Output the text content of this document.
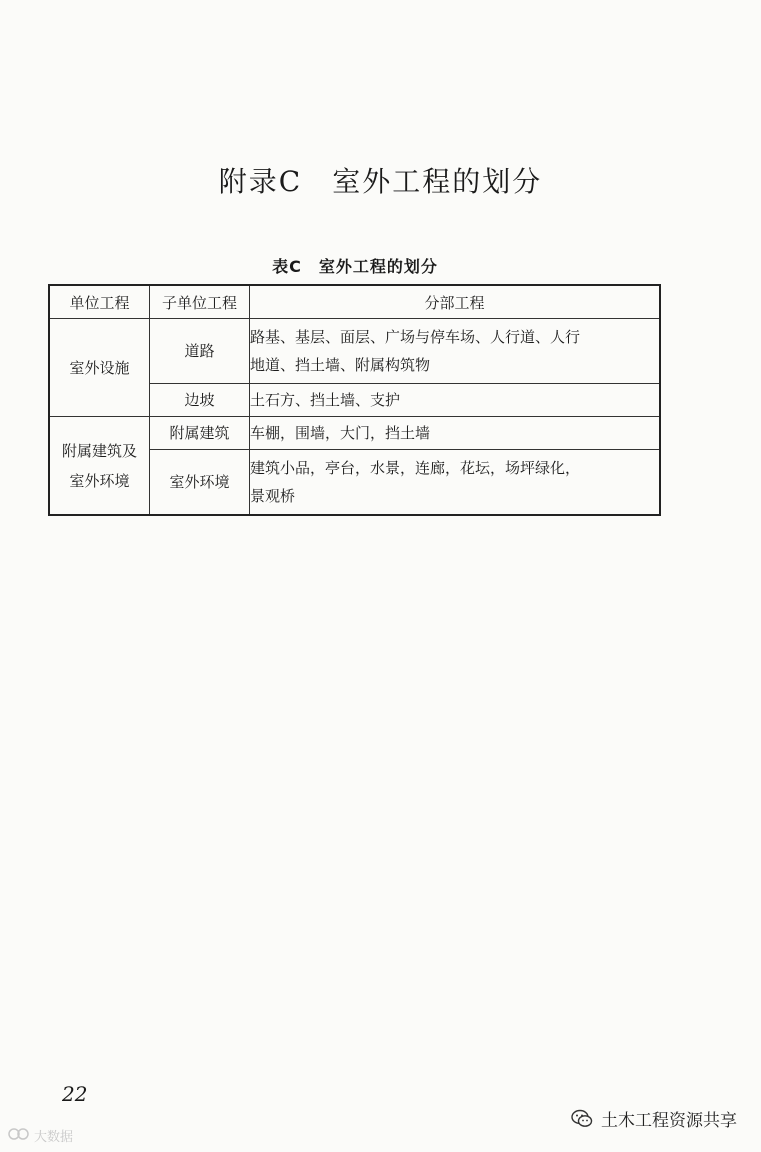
附录C　室外工程的划分
表C　室外工程的划分
单位工程	子单位工程	分部工程
室外设施	道路	路基、基层、面层、广场与停车场、人行道、人行
地道、挡土墙、附属构筑物

	边坡	土石方、挡土墙、支护

附属建筑及
室外环境	附属建筑	车棚，围墙，大门，挡土墙
	室外环境	建筑小品，亭台，水景，连廊，花坛，场坪绿化，
景观桥
22
大数据
土木工程资源共享
